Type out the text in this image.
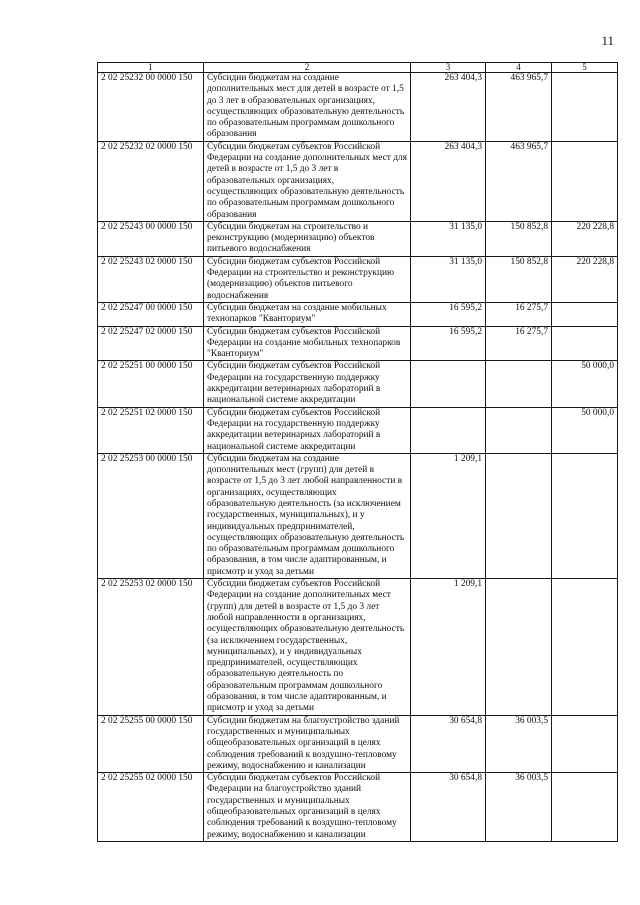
11
1	2	3	4	5
2 02 25232 00 0000 150	Субсидии бюджетам на создание дополнительных мест для детей в возрасте от 1,5 до 3 лет в образовательных организациях, осуществляющих образовательную деятельность по образовательным программам дошкольного образования	263 404,3	463 965,7	
2 02 25232 02 0000 150	Субсидии бюджетам субъектов Российской Федерации на создание дополнительных мест для детей в возрасте от 1,5 до 3 лет в образовательных организациях, осуществляющих образовательную деятельность по образовательным программам дошкольного образования	263 404,3	463 965,7	
2 02 25243 00 0000 150	Субсидии бюджетам на строительство и реконструкцию (модернизацию) объектов питьевого водоснабжения	31 135,0	150 852,8	220 228,8
2 02 25243 02 0000 150	Субсидии бюджетам субъектов Российской Федерации на строительство и реконструкцию (модернизацию) объектов питьевого водоснабжения	31 135,0	150 852,8	220 228,8
2 02 25247 00 0000 150	Субсидии бюджетам на создание мобильных технопарков "Кванториум"	16 595,2	16 275,7	
2 02 25247 02 0000 150	Субсидии бюджетам субъектов Российской Федерации на создание мобильных технопарков "Кванториум"	16 595,2	16 275,7	
2 02 25251 00 0000 150	Субсидии бюджетам субъектов Российской Федерации на государственную поддержку аккредитации ветеринарных лабораторий в национальной системе аккредитации			50 000,0
2 02 25251 02 0000 150	Субсидии бюджетам субъектов Российской Федерации на государственную поддержку аккредитации ветеринарных лабораторий в национальной системе аккредитации			50 000,0
2 02 25253 00 0000 150	Субсидии бюджетам на создание дополнительных мест (групп) для детей в возрасте от 1,5 до 3 лет любой направленности в организациях, осуществляющих образовательную деятельность (за исключением государственных, муниципальных), и у индивидуальных предпринимателей, осуществляющих образовательную деятельность по образовательным программам дошкольного образования, в том числе адаптированным, и присмотр и уход за детьми	1 209,1		
2 02 25253 02 0000 150	Субсидии бюджетам субъектов Российской Федерации на создание дополнительных мест (групп) для детей в возрасте от 1,5 до 3 лет любой направленности в организациях, осуществляющих образовательную деятельность (за исключением государственных, муниципальных), и у индивидуальных предпринимателей, осуществляющих образовательную деятельность по образовательным программам дошкольного образования, в том числе адаптированным, и присмотр и уход за детьми	1 209,1		
2 02 25255 00 0000 150	Субсидии бюджетам на благоустройство зданий государственных и муниципальных общеобразовательных организаций в целях соблюдения требований к воздушно-тепловому режиму, водоснабжению и канализации	30 654,8	36 003,5	
2 02 25255 02 0000 150	Субсидии бюджетам субъектов Российской Федерации на благоустройство зданий государственных и муниципальных общеобразовательных организаций в целях соблюдения требований к воздушно-тепловому режиму, водоснабжению и канализации	30 654,8	36 003,5	
